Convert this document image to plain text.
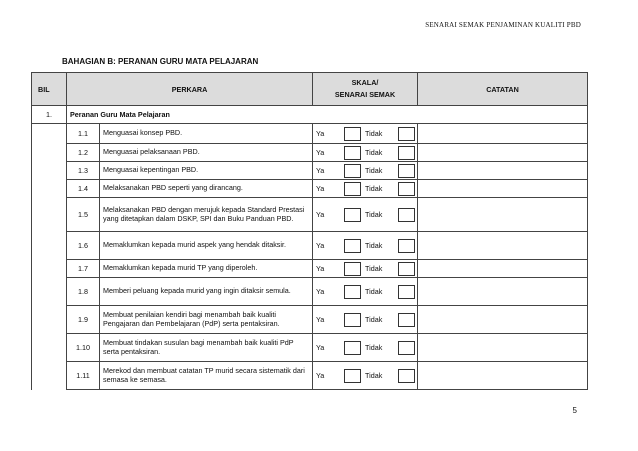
SENARAI SEMAK PENJAMINAN KUALITI PBD
BAHAGIAN B: PERANAN GURU MATA PELAJARAN
BIL	PERKARA		SKALA/
SENARAI SEMAK	CATATAN
1.	Peranan Guru Mata Pelajaran			
	1.1	Menguasai konsep PBD.	Ya Tidak	

	1.2	Menguasai pelaksanaan PBD.	Ya Tidak	

	1.3	Menguasai kepentingan PBD.	Ya Tidak	

	1.4	Melaksanakan PBD seperti yang dirancang.	Ya Tidak	

	1.5	Melaksanakan PBD dengan merujuk kepada Standard Prestasi yang ditetapkan dalam DSKP, SPI dan Buku Panduan PBD.	Ya Tidak	

	1.6	Memaklumkan kepada murid aspek yang hendak ditaksir.	Ya Tidak	

	1.7	Memaklumkan kepada murid TP yang diperoleh.	Ya Tidak	

	1.8	Memberi peluang kepada murid yang ingin ditaksir semula.	Ya Tidak	

	1.9	Membuat penilaian kendiri bagi menambah baik kualiti Pengajaran dan Pembelajaran (PdP) serta pentaksiran.	Ya Tidak	

	1.10	Membuat tindakan susulan bagi menambah baik kualiti PdP serta pentaksiran.	Ya Tidak	

	1.11	Merekod dan membuat catatan TP murid secara sistematik dari semasa ke semasa.	Ya Tidak	

5
